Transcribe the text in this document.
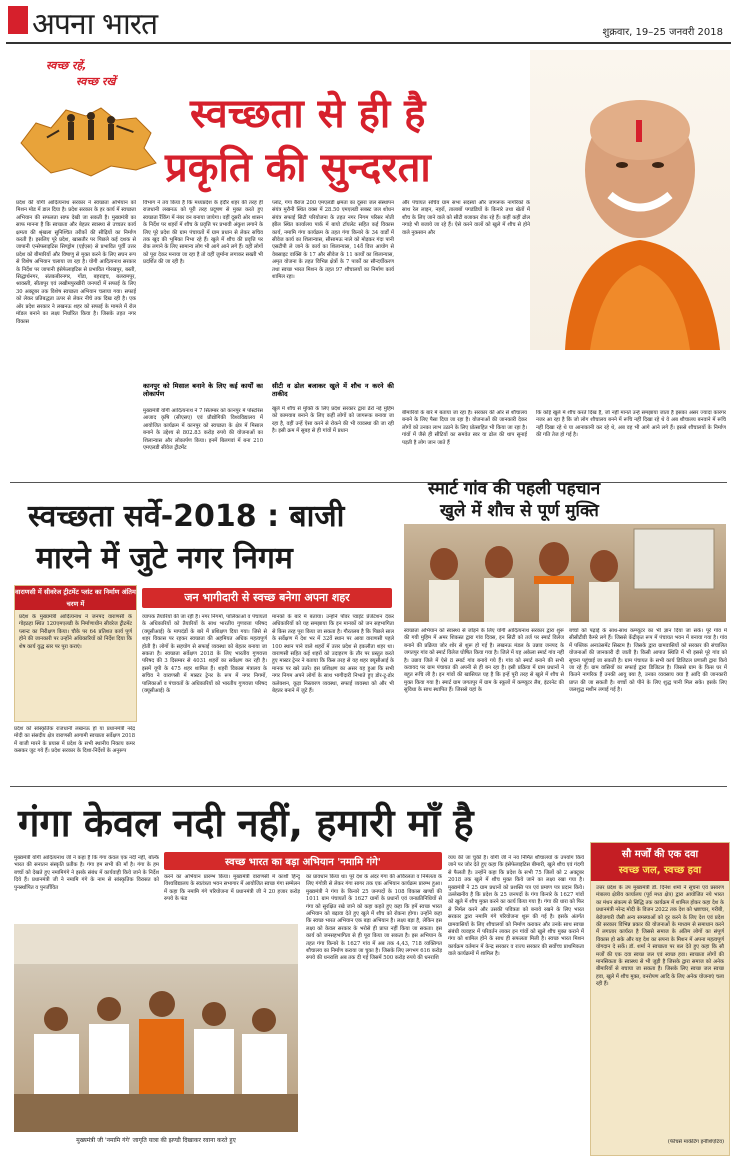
अपना भारत	शुक्रवार, 19–25 जनवरी 2018
स्वच्छ रहें,
स्वच्छ रखें
स्वच्छता से ही है
प्रकृति की सुन्दरता
प्रदेश की योगी आदित्यनाथ सरकार ने स्वच्छता अभियान को मिशन मोड में डाल दिया है। प्रदेश सरकार के हर कार्य में स्वच्छता अभियान की सफलता साफ देखी जा सकती है। मुख्यमंत्री का साफ मानना है कि स्वच्छता और बेहतर स्वास्थ्य से उच्चतर कार्य क्षमता की श्रृंखला सुनिश्चित तरीकों की सीढ़ियों का निर्माण करती है। इसलिए पूरे प्रदेश, खासतौर पर पिछले कई दशक से जापानी एन्सेफ्लाइटिस सिण्ड्रोम (एईएस) से प्रभावित पूर्वी उत्तर प्रदेश को बीमारियों और विषाणु से मुक्त करने के लिए सघन रूप से विशेष अभियान चलाया जा रहा है। योगी आदित्यनाथ सरकार के निर्देश पर जापानी इंसेफेलाइटिस से प्रभावित गोरखपुर, बस्ती, सिद्धार्थनगर, संतकबीरनगर, गोंडा, बहराइच, बलरामपुर, श्रावस्ती, सीतापुर एवं लखीमपुरखीरी जनपदों में सफाई के लिए 30 अक्टूबर तक विशेष स्वच्छता अभियान चलाया गया। सफाई को लेकर प्रतिबद्धता ऊपर से लेकर नीचे तक दिख रही है। एक ओर प्रदेश सरकार ने लखनऊ शहर को सफाई के मामले में रोल मॉडल बनाने का लक्ष्य निर्धारित किया है। जिसके तहत नगर विकास
विभाग ने तय किया है कि मध्यप्रदेश के इंदौर शहर की तरह ही राजधानी लखनऊ को पूरी तरह प्रदूषण से मुक्त करते हुए स्वच्छता रैंकिंग में नंबर वन बनाया जायेगा। वहीं दूसरी ओर शासन के निर्देश पर शहरों में शौच के प्रवृत्ति पर प्रभावी अंकुश लगाने के लिए पूरे प्रदेश की ग्राम पंचायतों में ग्राम प्रधान से लेकर सचिव तक खुद की भूमिका निभा रहे हैं। खुले में शौच की प्रवृत्ति पर रोक लगाने के लिए सामान्य लोग भी आगे आने लगे हैं। वहीं लोगों को पूरा देकर मनाया जा रहा है तो वहीं जुर्माना लगाकर सख्ती भी प्रदर्शित की जा रही है।
कानपुर को मिसाल बनाने के लिए कई कार्यों का लोकार्पण
मुख्यमंत्री योगी आदित्यनाथ ने 7 सितम्बर को कानपुर में पोस्टोरेस आजाद कृषि (सीएसए) एवं प्रौद्योगिकी विश्वविद्यालय में आयोजित कार्यक्रम में कानपुर को स्वच्छता के क्षेत्र में मिसाल बनाने के उद्देश्य से 802.83 करोड़ रुपये की योजनाओं का शिलान्यास और लोकार्पण किया। इनमें बिलगवां में बना 210 एमएलडी सीवेज ट्रीटमेंट
प्लांट, गंगा बैराज 200 एमएलडी क्षमता का दूसरा जल संस्थापन संयंत्र मुरौनी स्थित वक्स में 28.50 एमएलडी सबस्ट जल शोधन संयंत्र सफाई सिटी परियोजना के तहत नगर निगम परिसर मोती झील स्थित कार्यालय पार्क में बायो टॉयलेट सहित कई विकास कार्य, नमामि गंगा कार्यक्रम के तहत गंगा किनारे के 34 वार्डों में सीवेज कार्य का शिलान्यास, सीसामऊ नाले को मोड़कर गंदा पानी एसटीपी ले जाने के कार्य का शिलान्यास, 14वें वित्त आयोग से वेबसाइट वाक्सि के 17 और सीवेज के 11 कार्यों का शिलान्यास, अमृत योजना के तहत विभिन्न क्षेत्रों के 7 पार्कों का सौन्दर्यीकरण तथा स्वच्छ भारत मिशन के तहत 97 शौचालयों का निर्माण कार्य शामिल रहा।
सीटी व ढोल बजाकर खुले में शौच न करने की ताकीद
खुले में शौच से मुक्ति के लिए प्रदेश सरकार द्वारा ढेरों नई मुहिम को कामयाब बनाने के लिए कहीं लोगों को जागरूक बनाया जा रहा है, वहीं उन्हें ऐसा करने से रोकने की भी व्यवस्था की जा रही है। इसी क्रम में सुबह से ही गांवों में प्रधान
और पंचायत सचिव ग्राम सभा सदस्यों और जागरूक नागरिकों के साथ रेल लाइन, नहरों, तालाबों पगडंडियों के किनारे तथा खेतों में शौच के लिए जाने वाले को सीटी बजाकर रोक रहे हैं। कहीं कहीं ढोल नगाड़े भी बजाये जा रहे हैं। ऐसे करने वालों को खुले में शौच से होने वाले नुकसान और
बीमारियों के बारे में बताया जा रहा है। सरकार की ओर से शौचालय बनाने के लिए पैसा दिया जा रहा है। योजनाओं की जानकारी देकर लोगों को उनका लाभ उठाने के लिए प्रोत्साहित भी किया जा रहा है। गांवों में जैसे ही सीटियों का समवेत स्वर या ढोल की थाप सुनाई पड़ती है लोग जान जाते हैं
कि कोई खुले में शौच करते दिख है, जो नहीं मानते उन्हें समझाया जाता है इसका असर ज्यादा कारगर नजर आ रहा है कि जो लोग शौचालय बनने में रूचि नहीं दिखा रहे थे वे अब शौचालय बनवाने में रूचि नहीं दिखा रहे थे या आनाकानी कर रहे थे, अब वह भी आगे आने लगे हैं। इससे शौचालयों के निर्माण की गति तेज हो गई है।
स्वच्छता सर्वे-2018 : बाजी
मारने में जुटे नगर निगम
वाराणसी में सीवरेज ट्रीटमेंट प्लांट का निर्माण अंतिम चरण में
प्रदेश के मुख्यमंत्री आदित्यनाथ ने जनपद वाराणसी के गोइठहा स्थित 120एमएलडी के निर्माणाधीन सीवरेज ट्रीटमेंट प्लान्ट का निरीक्षण किया। चौके पर 64 प्रतिशत कार्य पूर्ण होने की जानकारी पर उन्होंने अधिकारियों को निर्देश दिया कि शेष कार्य युद्ध स्तर पर पूरा कराएं।
प्रदेश को सांस्कृतिक राजधानी लखनऊ हो या प्रधानमंत्री नरेंद्र मोदी का संसदीय क्षेत्र वाराणसी आगामी स्वच्छता सर्वेक्षण 2018 में बाजी मारने के प्रयास में प्रदेश के सभी स्थानीय निकाय कमर कसकर जुट गये हैं। प्रदेश सरकार के दिशा-निर्देशों के अनुरूप
जन भागीदारी से स्वच्छ बनेगा अपना शहर
व्यापक तैयारियों की जा रही हैं। नगर निगमों, पालिकाओं व पंचायतों के अधिकारियों को तैयारियों के साथ भारतीय गुणवत्ता परिषद (क्यूसीआई) के मापदंडों के बारे में प्रशिक्षण दिया गया। जिसे से शहर विकास पर रहकर स्वच्छता की अहमियत अधिक महत्वपूर्ण होती है। लोगों के सहयोग से सफाई व्यवस्था को बेहतर बनाया जा सकता है। स्वच्छता सर्वेक्षण 2018 के लिए भारतीय गुणवत्ता परिषद की 3 दिसम्बर से 4031 शहरों का सर्वेक्षण कर रही है। इसमें यूपी के 475 शहर शामिल हैं। शहरी विकास मंत्रालय के सचिव ने वाराणसी में मास्टर ट्रेनर के रूप में नगर निगमों, पालिकाओं व पंचायतों के अधिकारियों को भारतीय गुणवत्ता परिषद (क्यूसीआई) के
मानकों के बारे में बताया। उन्होंने पॉवर प्वाइंट प्रेजेंटेशन देकर अधिकारियों को यह समझाया कि इन मानकों को जन सहभागिता से किस तरह पूरा किया जा सकता है। गौरतलब है कि पिछले साल के सर्वेक्षण में देश भर में 32वें स्थान पर आया वाराणसी पहले 100 स्थान पाने वाले शहरों में उत्तर प्रदेश से इकलौता शहर था। वाराणसी सहित कई शहरों को उदाहरण के तौर पर प्रस्तुत करते हुए मास्टर ट्रेनर ने बताया कि किस तरह से यह शहर क्यूसीआई के मानक पर खरे उतरे। इस प्रशिक्षण का असर यह हुआ कि सभी नगर निगम अपने लोगों के साथ भागीदारी निभाते हुए डोर-टू-डोर कलेक्शन, कूड़ा निस्तारण व्यवस्था, सफाई व्यवस्था को और भी बेहतर बनाने में जुटे हैं।
स्मार्ट गांव की पहली पहचान
खुले में शौच से पूर्ण मुक्ति
स्वच्छता अभियान को स्वास्थ्य से जोड़ने के लिए योगी आदित्यनाथ सरकार द्वारा शुरू की गयी मुहिम में अमर शिकस्त द्वारा गांव दिवस, इन सिटी को तर्ज पर स्मार्ट विलेज बनाने की प्रक्रिया जोर शोर से शुरू हो गई है। लखनऊ मंडल के उन्नाव जनपद के जगतपुर गांव को स्मार्ट विलेज घोषित किया गया है। जिले में यह अकेला स्मार्ट गांव नहीं है। उन्नाव जिले में ऐसे 8 स्मार्ट गांव बनाये गये हैं। गांव को स्मार्ट बनाने की सभी कवायद पर ग्राम पंचायत की अपनी से ही बन रहा है। इसी प्रक्रिया में ग्राम प्रधानों ने बहुत रूचि ली है। इन गांवों की खासियत यह है कि इन्हें पूरी तरह से खुले में शौच से मुक्त किया गया है। स्मार्ट ग्राम जगतपुर में ग्राम के स्कूलों में कम्प्यूटर लैब, इंटरनेट की सुविधा के साथ स्थापित हैं। जिससे यहां के
बच्चों को पढ़ाई के साथ-साथ कम्प्यूटर का भी ज्ञान दिया जा सके। पूरे गांव में सीसीटीवी कैमरे लगे हैं। जिससे केंद्रीकृत रूप में पंचायत भवन में बनाया गया है। गांव में पब्लिक अनाउंसमेंट सिस्टम है। जिसके द्वारा ग्रामवासियों को सरकार की संचालित योजनाओं की जानकारी दी जाती है। किसी आपात स्थिति में भी इससे पूरे गांव को सूचना पहुंचाई जा सकती है। ग्राम पंचायत के सभी कार्य डिजिटल प्रणाली द्वारा किये जा रहे हैं। ग्राम वासियों का सफाई द्वारा डिजिटल है। जिससे ग्राम के किस घर में कितने नागरिक हैं उनकी आयु क्या है, उनका व्यवसाय क्या है आदि की जानकारी प्राप्त की जा सकती है। बच्चों को पीने के लिए शुद्ध पानी मिल सके। इसके लिए जलशुद्ध मशीन लगाई गई है।
गंगा केवल नदी नहीं, हमारी माँ है
मुख्यमंत्री योगी आदित्यनाथ जी ने कहा है कि गंगा केवल एक नदी नहीं, बल्कि भारत की सनातन संस्कृति प्रतीक है। गंगा हम सभी की माँ है। गंगा के हम बच्चों को देखते हुए नमामिगंगे ने इसके संबंध में कार्यवाही किये जाने के निर्देश दिये हैं। प्रधानमंत्री जी ने नमामि गंगे के नाम से सांस्कृतिक विरासत को पुनर्स्थापित व पुनर्जीवित
स्वच्छ भारत का बड़ा अभियान 'नमामि गंगे'
करने का अभियान प्रारम्भ किया। मुख्यमंत्री वाराणसी में काशी हिन्दू विश्वविद्यालय के स्वतंत्रता भवन सभागार में आयोजित स्वच्छ गंगा सम्मेलन में कहा कि नमामि गंगे परियोजना में प्रधानमंत्री जी ने 20 हजार करोड़ रुपये के फंड
का प्रावधान किया था। पूरे देश के अंदर गंगा की अविरलता व निर्मलता के लिए गंगोत्री से लेकर गंगा सागर तक एक अभियान कार्यक्रम प्रारम्भ हुआ। मुख्यमंत्री ने गंगा के किनारे 25 जनपदों के 108 विकास खण्डों की 1011 ग्राम पंचायतों के 1627 ग्रामों के प्रधानों एवं जनप्रतिनिधियों से गंगा को सुरक्षित रखे जाने को कहा कहते हुए कहा कि हमें स्वच्छ भारत अभियान को बढ़ावा देते हुए खुले में शौच को रोकना होगा। उन्होंने कहा कि स्वच्छ भारत अभियान एक बड़ा अभियान है। लक्ष्य बड़ा है, लेकिन इस लक्ष्य को केवल सरकार के भरोसे ही प्राप्त नहीं किया जा सकता। इस कार्य को जनसहभागिता से ही पूरा किया जा सकता है। इस अभियान के तहत गंगा किनारे के 1627 गांव में अब तक 4,43, 718 व्यक्तिगत शौचालय का निर्माण कराया जा चुका है। जिसके लिए लगभग 616 करोड़ रुपये की धनराशि अब तक दी गई जिसमें 500 करोड़ रुपये की धनराशि
मुख्यमंत्री जी 'नमामि गंगे' जागृति यात्रा की झण्डी दिखाकर रवाना करते हुए
व्यय की जा चुकी है। योगी जी ने नव निर्मित शौचालयों के उपयोग किये जाने पर जोर देते हुए कहा कि इंसेफेलाइटिस बीमारी, खुले शौच एवं गंदगी से फैलती है। उन्होंने कहा कि प्रदेश के सभी 75 जिलों को 2 अक्टूबर 2018 तक खुले में शौच मुक्त किये जाने का लक्ष्य रखा गया है। मुख्यमंत्री ने 25 ग्राम प्रधानों को प्रशस्ति पत्र एवं प्रमाण पत्र प्रदान किये। उल्लेखनीय है कि प्रदेश के 25 जनपदों के गंगा किनारे के 1627 गांवों को खुले में शौच मुक्त करने का कार्य किया गया है। गंगा की धारा को फिर से निर्मल करने और उसकी पवित्रता को बनाये रखने के लिए भारत सरकार द्वारा नमामि गंगे परियोजना शुरू की गई है। इसके अंतर्गत ग्रामवासियों के लिए शौचालयों को निर्माण कराकर और उनके साथ स्वच्छ संबंधी व्यवहार में परिवर्तन लाकर इन गांवों को खुले शौच मुक्त कराने में गंगा को शामिल होने के साथ ही सफलता मिली है। स्वच्छ भारत मिशन कार्यक्रम वर्तमान में केन्द्र सरकार व राज्य सरकार की सर्वोच्च प्राथमिकता वाले कार्यक्रमों में शामिल है।
सौ मर्जों की एक दवा
स्वच्छ जल, स्वच्छ हवा
उत्तर प्रदेश के उप मुख्यमंत्री डॉ. दिनेश शर्मा ने सूचना एवं प्रसारण मंत्रालय क्षेत्रीय कार्यालय (पूर्व मध्य क्षेत्र) द्वारा आयोजित नये भारत का मंथन संकल्प से सिद्धि तक कार्यक्रम में शामिल होकर कहा देश के प्रधानमंत्री नरेन्द्र मोदी के विजन 2022 तक देश को भ्रष्टाचार, गरीबी, बेरोजगारी जैसी अन्य समस्याओं को दूर करने के लिए देश एवं प्रदेश की सरकार विभिन्न प्रकार की योजनाओं के माध्यम से समाधान करने में लगातार कार्यरत है जिससे समाज के अंतिम लोगों का संपूर्ण विकास हो सके और यह देश का सपना के मिशन में अपना महत्वपूर्ण योगदान दे सकें। डॉ. शर्मा ने स्वच्छता पर बल देते हुए कहा कि सौ मर्जों की एक दवा स्वच्छ जल एवं स्वच्छ हवा। स्वच्छता लोगों की मानसिकता के स्वास्थ्य से भी जुड़ी है जिसके द्वारा समाज को अनेक बीमारियों से बचाया जा सकता है। जिसके लिए स्वच्छ जल स्वच्छ हवा, खुले में शौच मुक्त, वनरोपण आदि के लिए अनेक योजनाएं चला रही हैं।
(फीचर्स मार्केटिंग इनीशिएटिव)
